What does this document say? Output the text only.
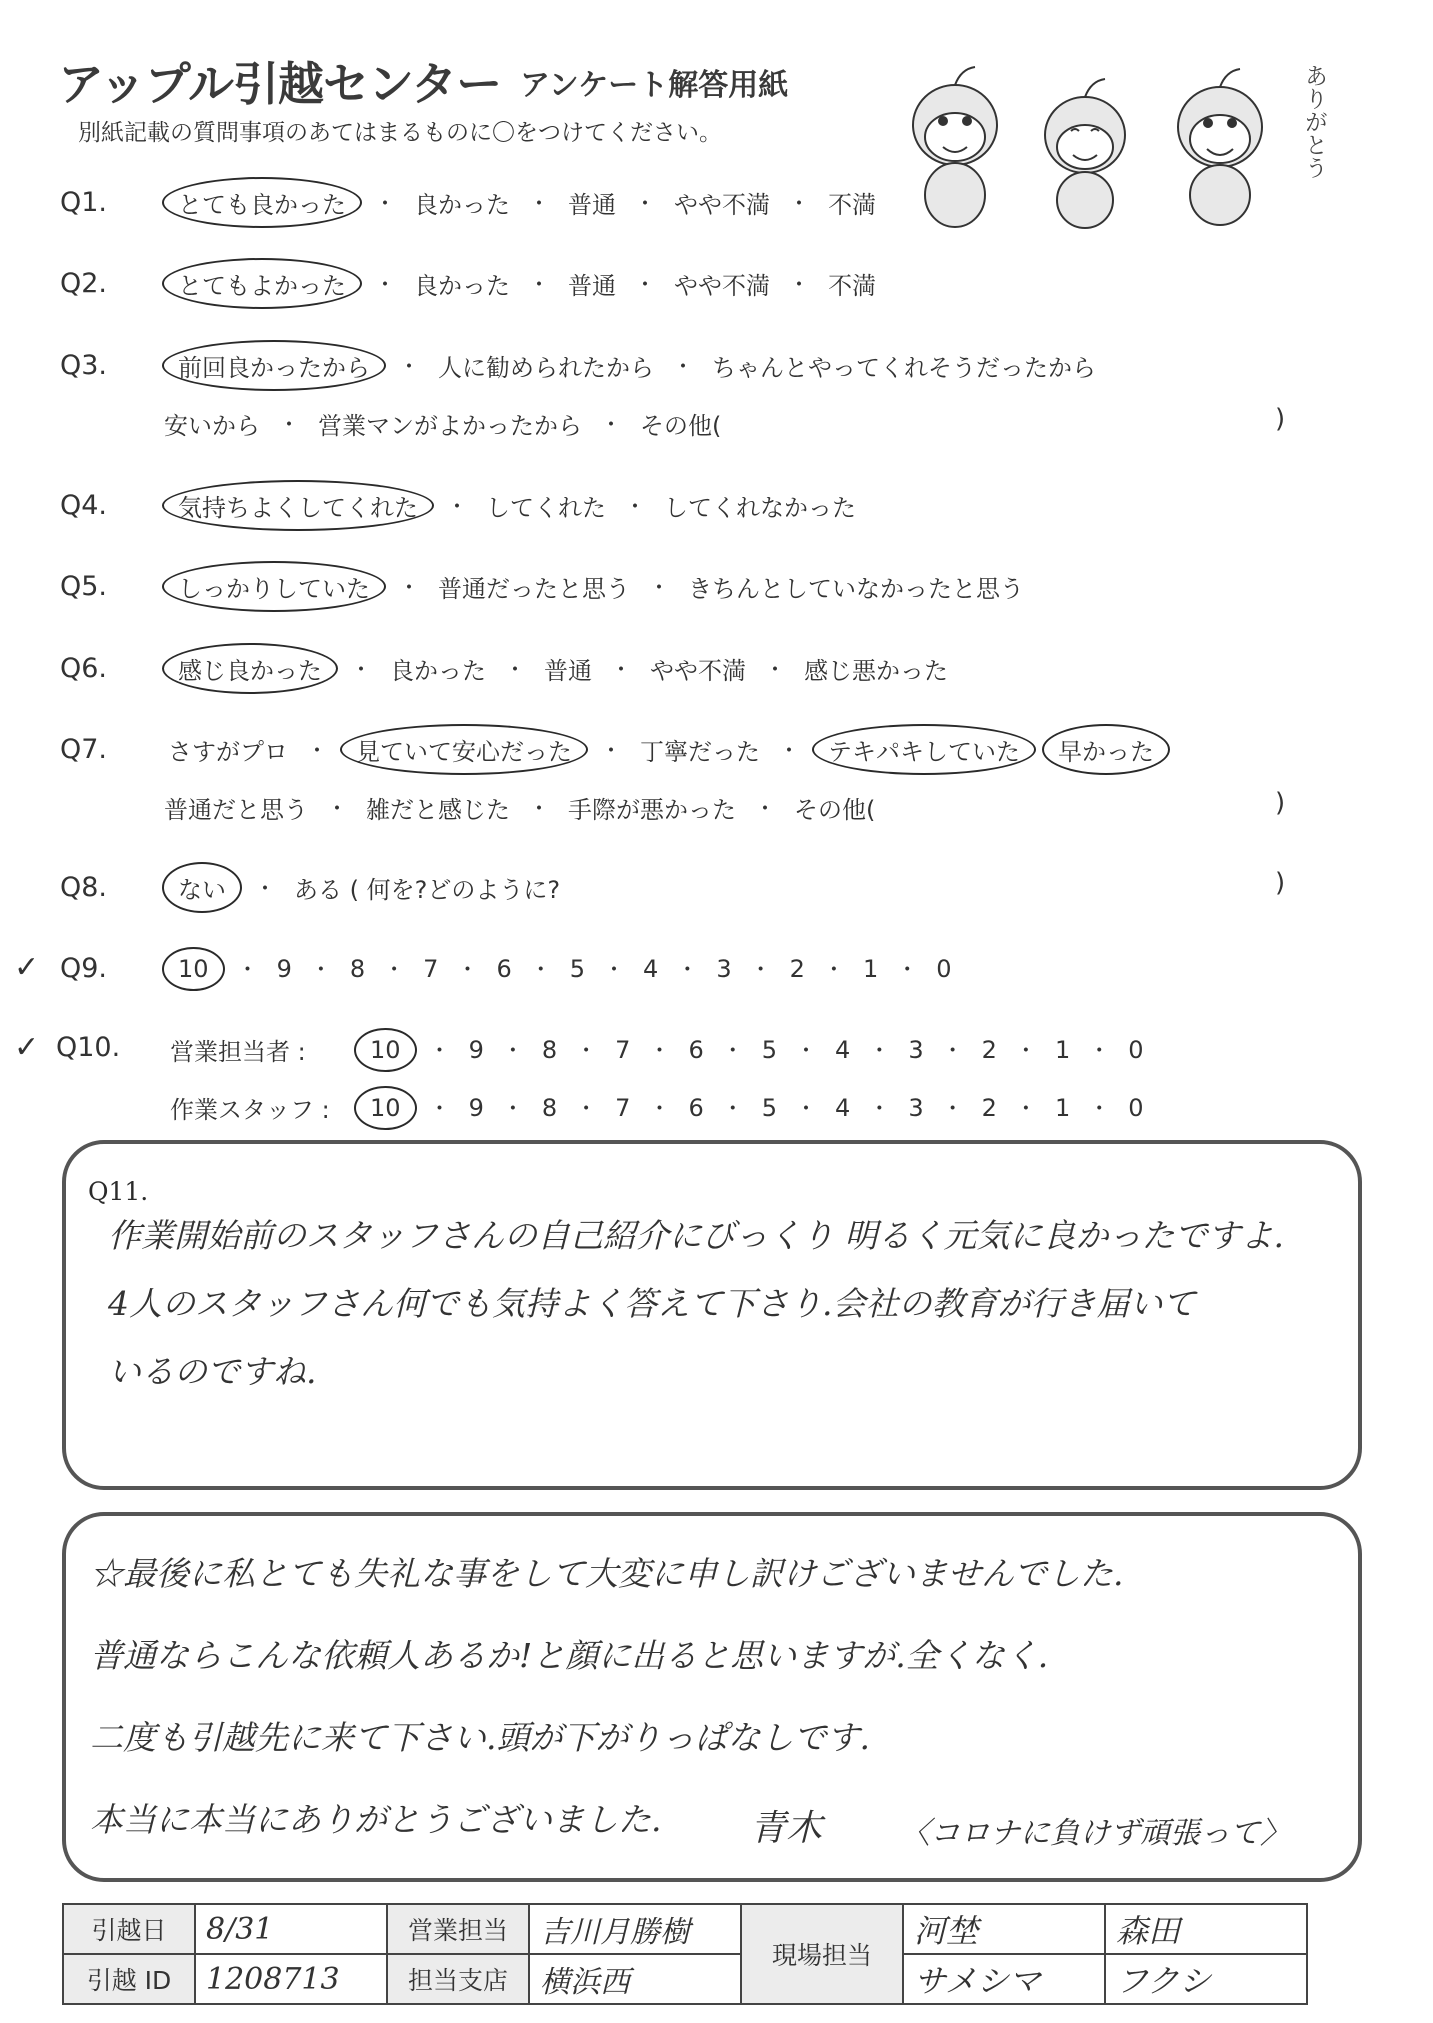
アップル引越センター アンケート解答用紙
別紙記載の質問事項のあてはまるものに〇をつけてください。	ありがとう
Q1.	とても良かった	・ 良かった ・ 普通 ・ やや不満 ・ 不満
Q2.	とてもよかった	・ 良かった ・ 普通 ・ やや不満 ・ 不満
Q3.	前回良かったから	・ 人に勧められたから ・ ちゃんとやってくれそうだったから
安いから ・ 営業マンがよかったから ・ その他(	)
Q4.	気持ちよくしてくれた	・ してくれた ・ してくれなかった
Q5.	しっかりしていた	・ 普通だったと思う ・ きちんとしていなかったと思う
Q6.	感じ良かった	・ 良かった ・ 普通 ・ やや不満 ・ 感じ悪かった
Q7.	さすがプロ ・	見ていて安心だった	・ 丁寧だった ・	テキパキしていた	早かった
普通だと思う ・ 雑だと感じた ・ 手際が悪かった ・ その他(	)
Q8.	ない	・ ある ( 何を?どのように?	)
✓ Q9.	10	・ 9 ・ 8 ・ 7 ・ 6 ・ 5 ・ 4 ・ 3 ・ 2 ・ 1 ・ 0
✓ Q10. 営業担当者 :	10	・ 9 ・ 8 ・ 7 ・ 6 ・ 5 ・ 4 ・ 3 ・ 2 ・ 1 ・ 0
作業スタッフ :	10	・ 9 ・ 8 ・ 7 ・ 6 ・ 5 ・ 4 ・ 3 ・ 2 ・ 1 ・ 0
Q11.
作業開始前のスタッフさんの自己紹介にびっくり 明るく元気に良かったですよ.
4人のスタッフさん何でも気持よく答えて下さり.会社の教育が行き届いて
いるのですね.
☆最後に私とても失礼な事をして大変に申し訳けございませんでした.
普通ならこんな依頼人あるか!と顔に出ると思いますが.全くなく.
二度も引越先に来て下さい.頭が下がりっぱなしです.
本当に本当にありがとうございました. 青木	〈コロナに負けず頑張って〉
引越日	8/31	営業担当	吉川月勝樹	現場担当	河埜	森田
引越 ID	1208713	担当支店	横浜西		サメシマ	フクシ
